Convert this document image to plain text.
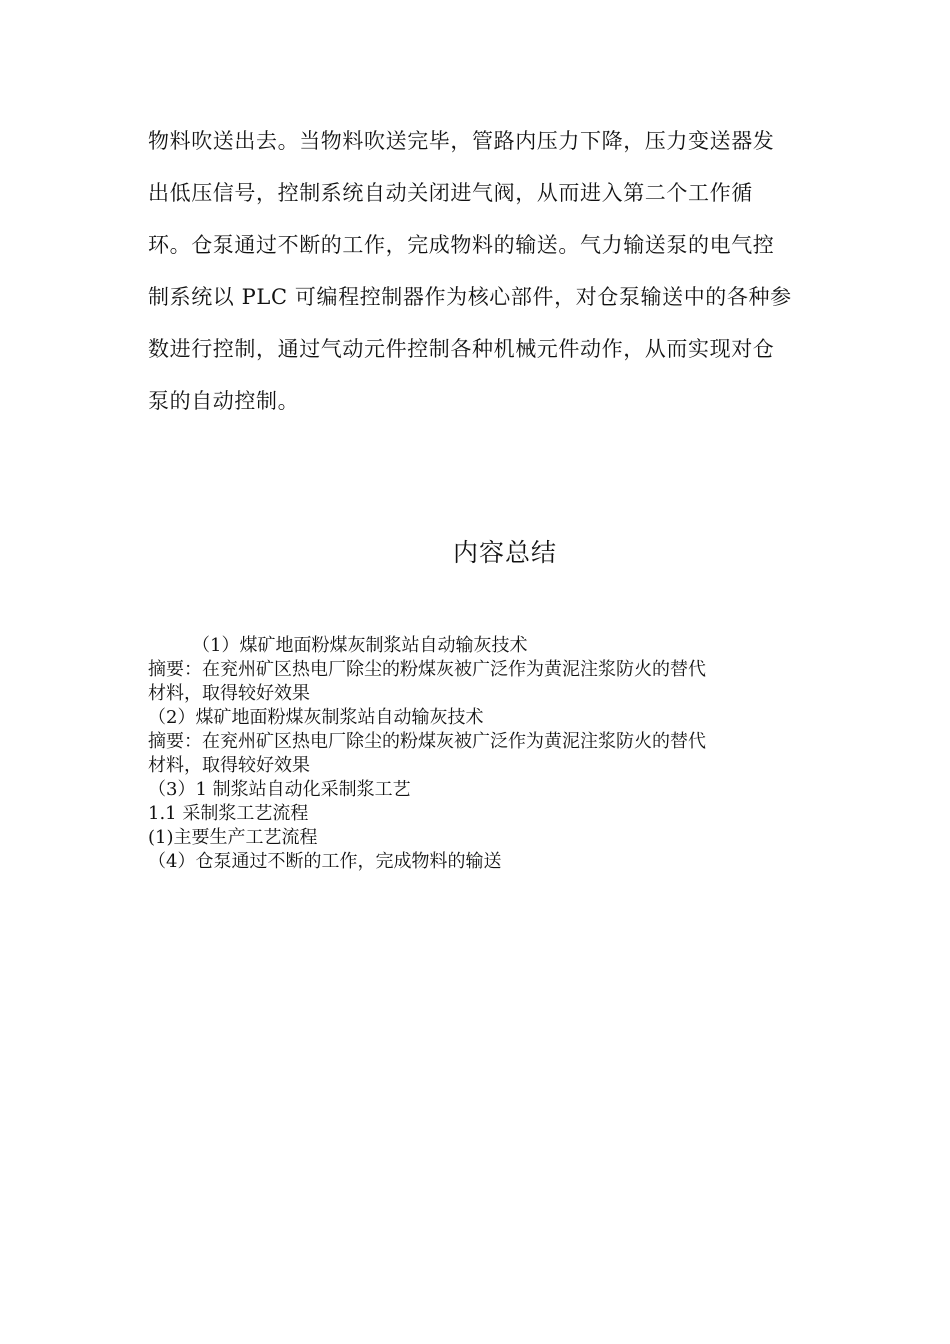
物料吹送出去。当物料吹送完毕，管路内压力下降，压力变送器发
出低压信号，控制系统自动关闭进气阀，从而进入第二个工作循
环。仓泵通过不断的工作，完成物料的输送。气力输送泵的电气控
制系统以 PLC 可编程控制器作为核心部件，对仓泵输送中的各种参
数进行控制，通过气动元件控制各种机械元件动作，从而实现对仓
泵的自动控制。
内容总结
（1）煤矿地面粉煤灰制浆站自动输灰技术
摘要：在兖州矿区热电厂除尘的粉煤灰被广泛作为黄泥注浆防火的替代
材料，取得较好效果
（2）煤矿地面粉煤灰制浆站自动输灰技术
摘要：在兖州矿区热电厂除尘的粉煤灰被广泛作为黄泥注浆防火的替代
材料，取得较好效果
（3）1 制浆站自动化采制浆工艺
1.1 采制浆工艺流程
(1)主要生产工艺流程
（4）仓泵通过不断的工作，完成物料的输送
